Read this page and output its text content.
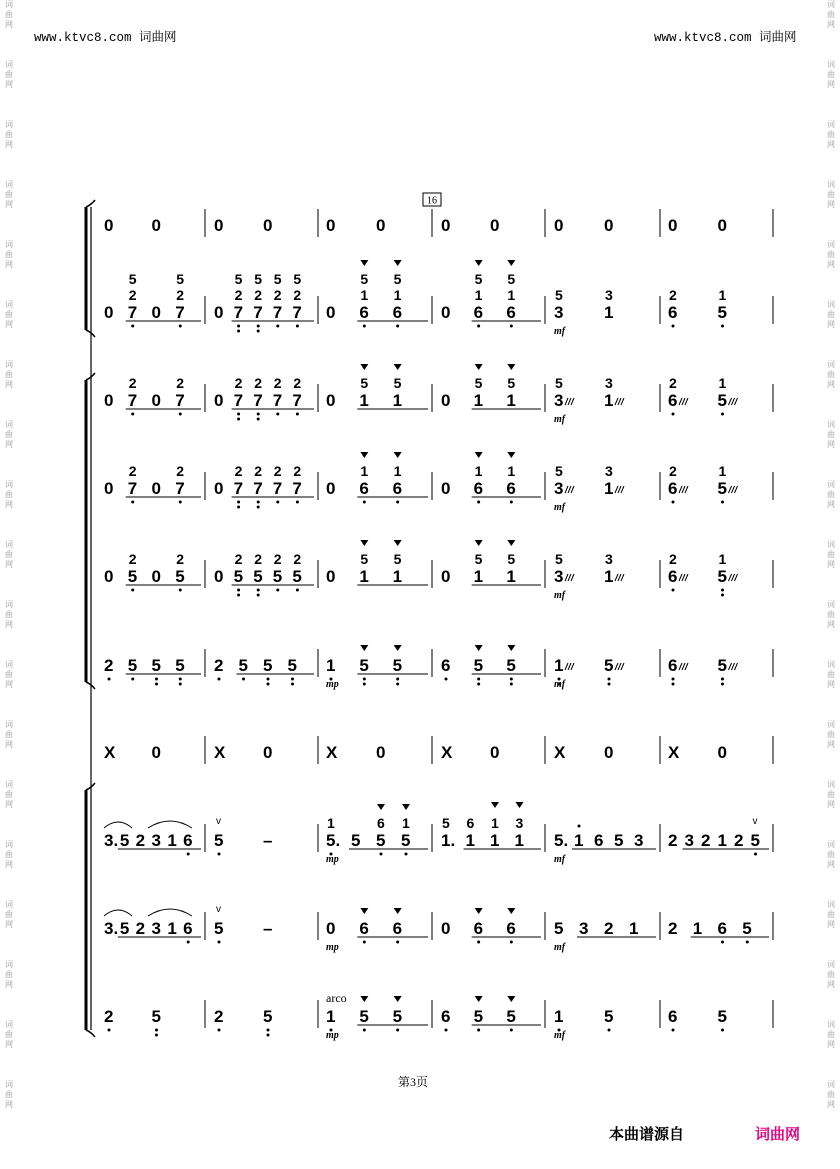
词
曲
网
词
曲
网
词
曲
网
词
曲
网
词
曲
网
词
曲
网
词
曲
网
词
曲
网
词
曲
网
词
曲
网
词
曲
网
词
曲
网
词
曲
网
词
曲
网
词
曲
网
词
曲
网
词
曲
网
词
曲
网
词
曲
网
词
曲
网
词
曲
网
词
曲
网
词
曲
网
词
曲
网
词
曲
网
词
曲
网
词
曲
网
词
曲
网
词
曲
网
词
曲
网
词
曲
网
词
曲
网
词
曲
网
词
曲
网
词
曲
网
词
曲
网
词
曲
网
词
曲
网
www.ktvc8.com 词曲网	www.ktvc8.com 词曲网
16
0 0	0 0	0 0	0 0	0 0	0 0
0 7
2
5
0 7
2
5
0 7
2
5
7
2
5
7
2
5
7
2
5
0 6
1
5
6
1
5
0 6
1
5
6
1
5
3
5
mf
1
3
6
2
5
1
0 7
2
0 7
2
0 7
2
7
2
7
2
7
2
0 1
5
1
5
0 1
5
1
5
3
5
mf
1
3
6
2
5
1
0 7
2
0 7
2
0 7
2
7
2
7
2
7
2
0 6
1
6
1
0 6
1
6
1
3
5
mf
1
3
6
2
5
1
0 5
2
0 5
2
0 5
2
5
2
5
2
5
2
0 1
5
1
5
0 1
5
1
5
3
5
mf
1
3
6
2
5
1
2 5 5 5 2 5 5 5 1
mp
5 5 6 5 5 1
mf
5	6 5
X 0	X 0	X 0	X 0	X 0	X 0
3. 5 2 3 1 6 5
v
–	5.
1
mp
5 5
6
5
1
1.
5
1
6
1
1
1
3
5.
mf
1 6 5 3 2 3 2 1 2 5
v
3. 5 2 3 1 6 5
v
–	0
mp
6 6 0 6 6 5
mf
3 2 1 2 1 6 5
2 5	2 5	1
mp
arco
5 5 6 5 5 1
mf
5	6 5
第3页
本曲谱源自	词曲网
